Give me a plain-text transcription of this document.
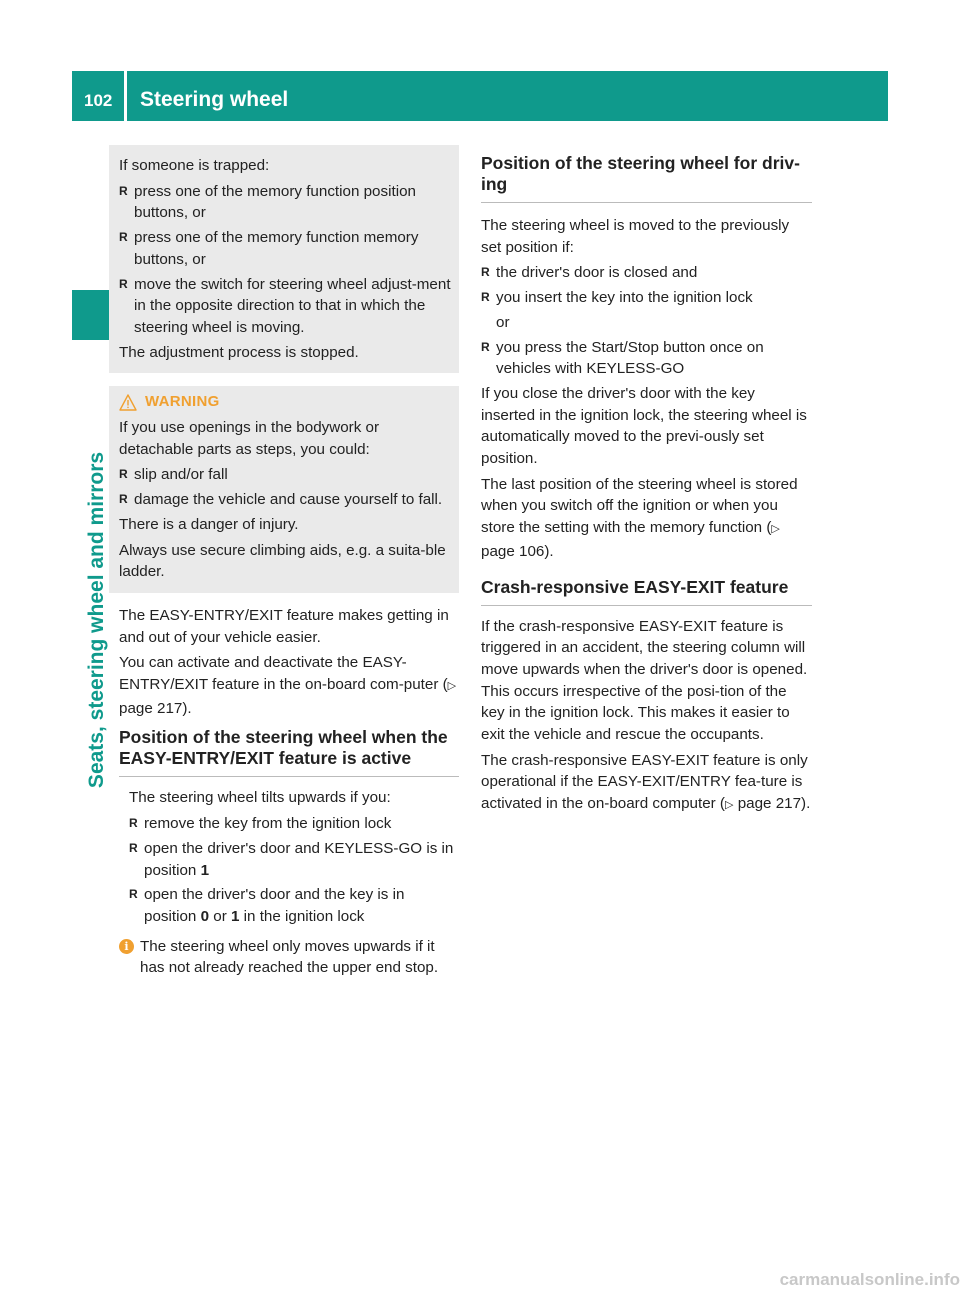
102 Steering wheel
Seats, steering wheel and mirrors

If someone is trapped:

R press one of the memory function position buttons, or
R press one of the memory function memory buttons, or
R move the switch for steering wheel adjust-ment in the opposite direction to that in which the steering wheel is moving.

The adjustment process is stopped.

WARNING

If you use openings in the bodywork or detachable parts as steps, you could:

R slip and/or fall
R damage the vehicle and cause yourself to fall.

There is a danger of injury.

Always use secure climbing aids, e.g. a suita-ble ladder.

The EASY-ENTRY/EXIT feature makes getting in and out of your vehicle easier.

You can activate and deactivate the EASY-ENTRY/EXIT feature in the on-board com-puter (▷ page 217).

Position of the steering wheel when the EASY-ENTRY/EXIT feature is active

The steering wheel tilts upwards if you:

R remove the key from the ignition lock
R open the driver's door and KEYLESS-GO is in position 1
R open the driver's door and the key is in position 0 or 1 in the ignition lock
i The steering wheel only moves upwards if it has not already reached the upper end stop.
Position of the steering wheel for driv-ing

The steering wheel is moved to the previously set position if:

R the driver's door is closed and
R you insert the key into the ignition lock
or
R you press the Start/Stop button once on vehicles with KEYLESS-GO

If you close the driver's door with the key inserted in the ignition lock, the steering wheel is automatically moved to the previ-ously set position.

The last position of the steering wheel is stored when you switch off the ignition or when you store the setting with the memory function (▷ page 106).

Crash-responsive EASY-EXIT feature

If the crash-responsive EASY-EXIT feature is triggered in an accident, the steering column will move upwards when the driver's door is opened. This occurs irrespective of the posi-tion of the key in the ignition lock. This makes it easier to exit the vehicle and rescue the occupants.

The crash-responsive EASY-EXIT feature is only operational if the EASY-EXIT/ENTRY fea-ture is activated in the on-board computer (▷ page 217).

carmanualsonline.info
